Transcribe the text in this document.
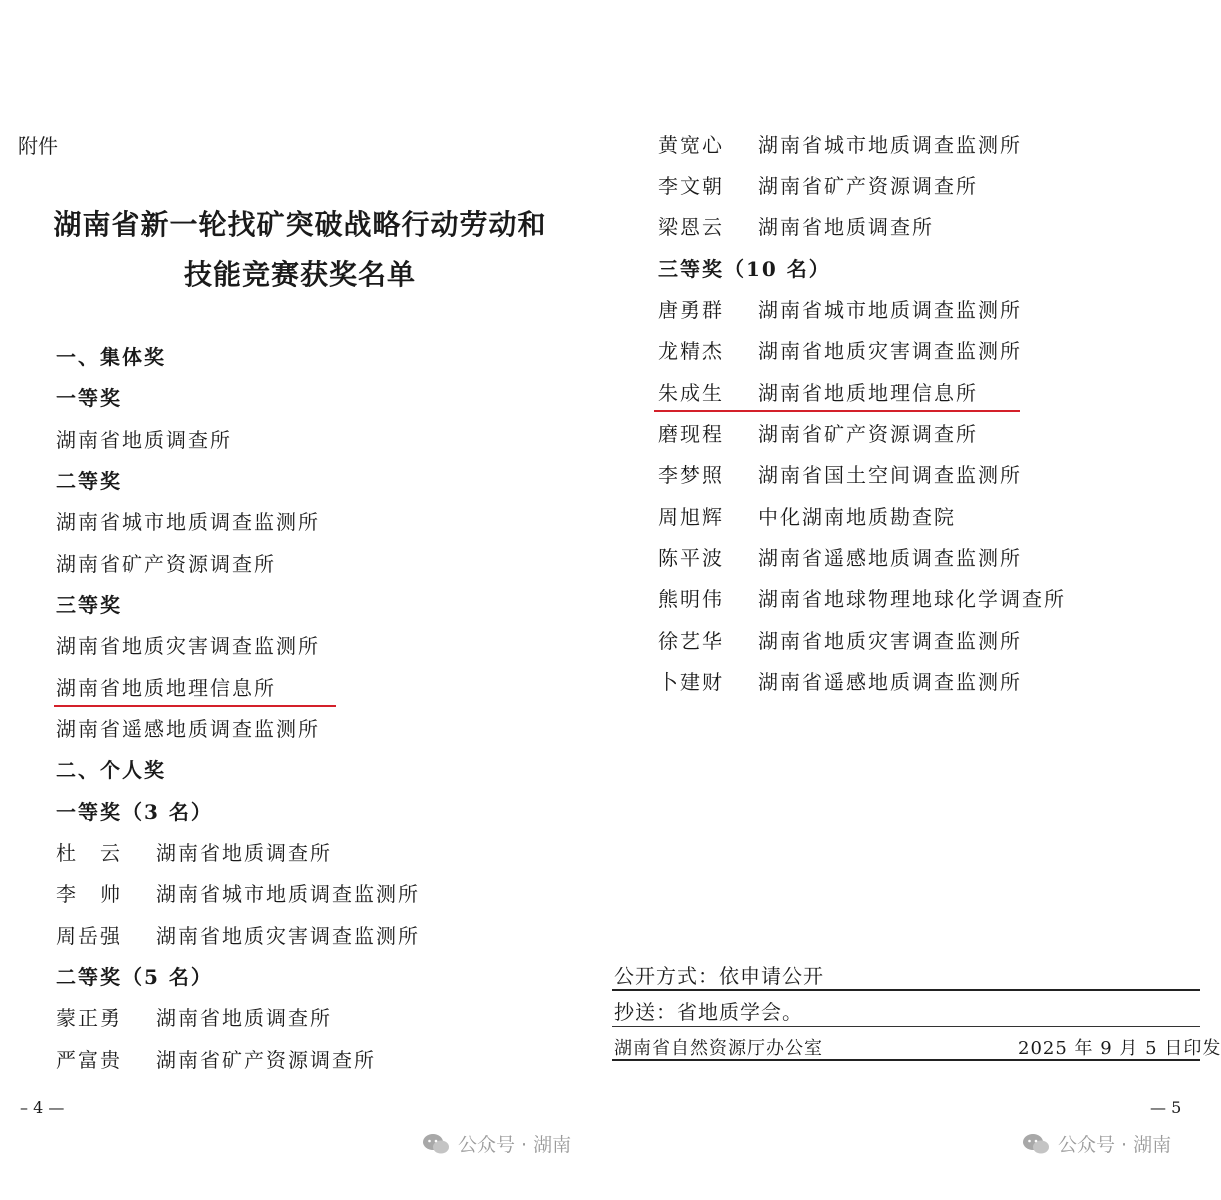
附件
湖南省新一轮找矿突破战略行动劳动和
技能竞赛获奖名单
一、集体奖
一等奖
湖南省地质调查所
二等奖
湖南省城市地质调查监测所
湖南省矿产资源调查所
三等奖
湖南省地质灾害调查监测所
湖南省地质地理信息所
湖南省遥感地质调查监测所
二、个人奖
一等奖（3 名）
杜　云 湖南省地质调查所
李　帅 湖南省城市地质调查监测所
周岳强 湖南省地质灾害调查监测所
二等奖（5 名）
蒙正勇 湖南省地质调查所
严富贵 湖南省矿产资源调查所
– 4 —
黄宽心 湖南省城市地质调查监测所
李文朝 湖南省矿产资源调查所
梁恩云 湖南省地质调查所
三等奖（10 名）
唐勇群 湖南省城市地质调查监测所
龙精杰 湖南省地质灾害调查监测所
朱成生 湖南省地质地理信息所
磨现程 湖南省矿产资源调查所
李梦照 湖南省国土空间调查监测所
周旭辉 中化湖南地质勘查院
陈平波 湖南省遥感地质调查监测所
熊明伟 湖南省地球物理地球化学调查所
徐艺华 湖南省地质灾害调查监测所
卜建财 湖南省遥感地质调查监测所
公开方式：依申请公开
抄送：省地质学会。
湖南省自然资源厅办公室	2025 年 9 月 5 日印发
— 5
公众号 · 湖南	公众号 · 湖南
